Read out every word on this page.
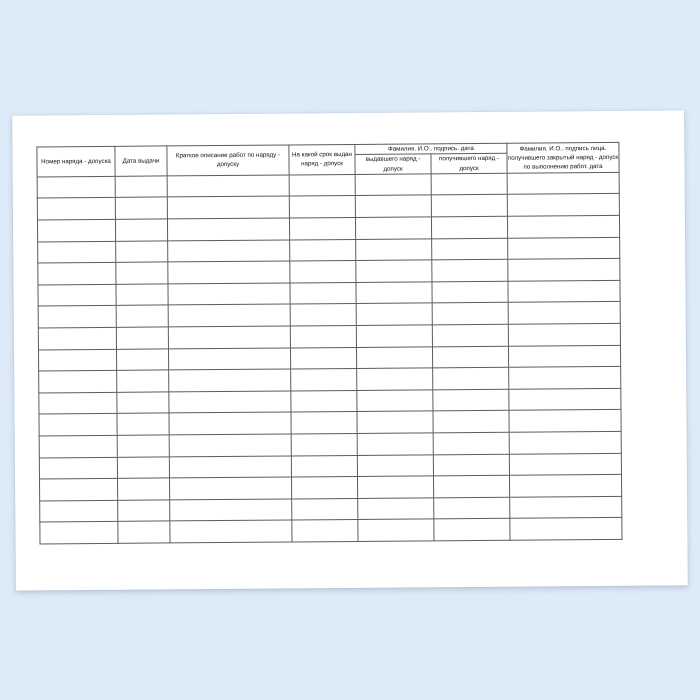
Номер наряда - допуска	Дата выдачи	Краткое описание работ по наряду - допуску	На какой срок выдан наряд - допуск	Фамилия. И.О.. подпись. дата		Фамилия. И.О.. подпись лица. получившего закрытый наряд - допуск по выполнению работ. дата
				выдавшего наряд - допуск	получившего наряд - допуск	
